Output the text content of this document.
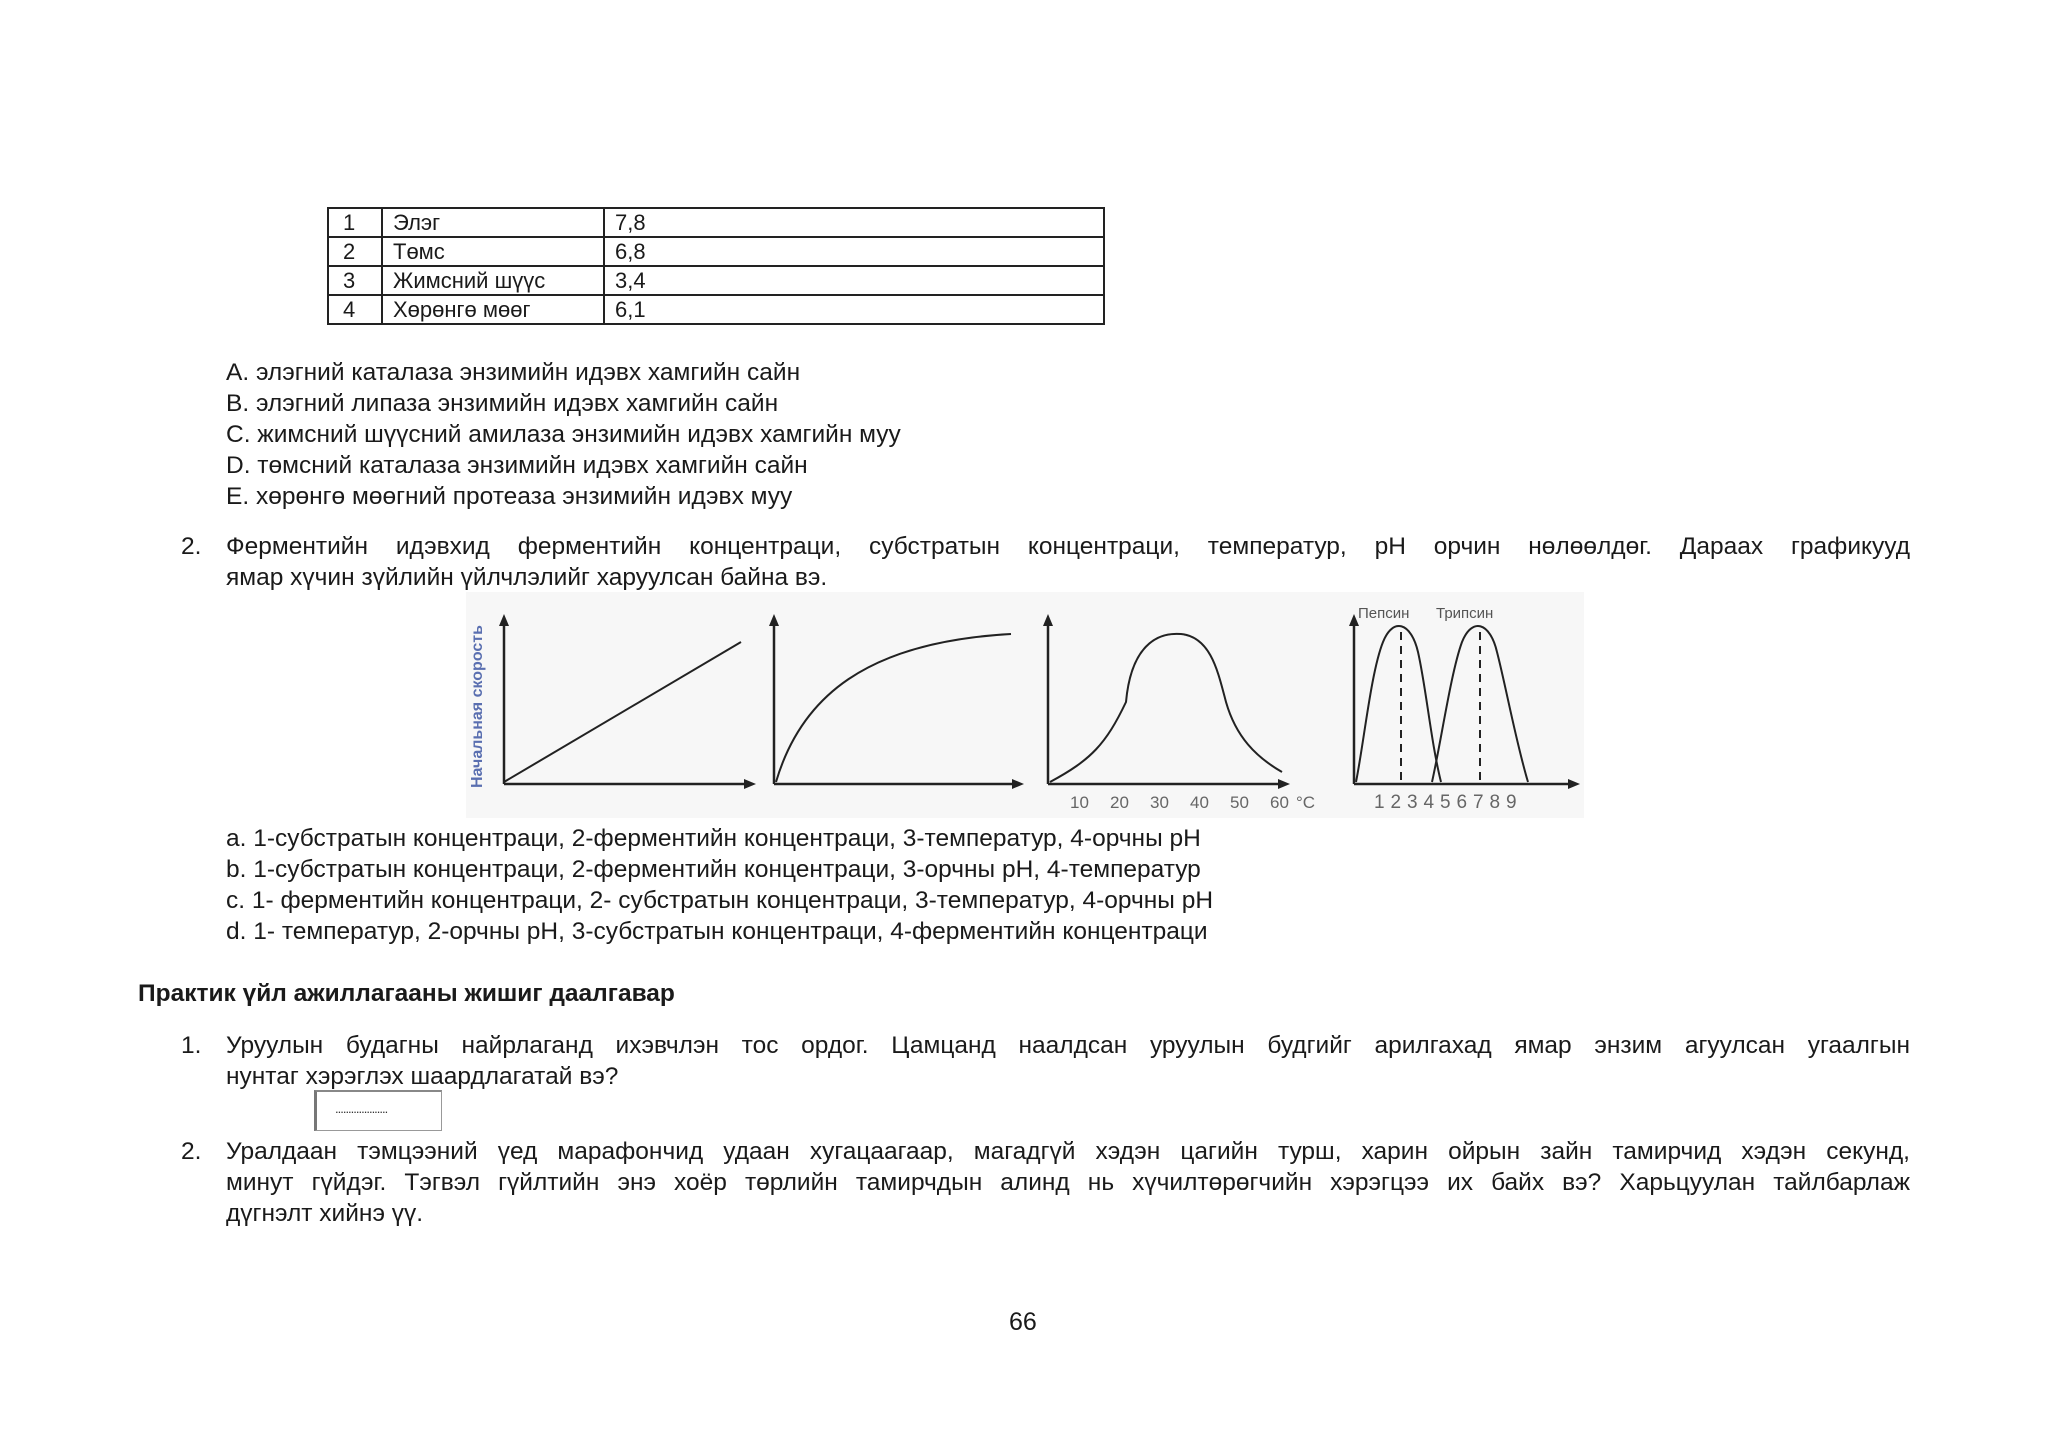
1	Элэг	7,8
2	Төмс	6,8
3	Жимсний шүүс	3,4
4	Хөрөнгө мөөг	6,1
A. элэгний каталаза энзимийн идэвх хамгийн сайн
B. элэгний липаза энзимийн идэвх хамгийн сайн
C. жимсний шүүсний амилаза энзимийн идэвх хамгийн муу
D. төмсний каталаза энзимийн идэвх хамгийн сайн
E. хөрөнгө мөөгний протеаза энзимийн идэвх муу
2. Ферментийн идэвхид ферментийн концентраци, субстратын концентраци, температур, pH орчин нөлөөлдөг. Дараах графикууд
ямар хүчин зүйлийн үйлчлэлийг харуулсан байна вэ.
Начальная скорость
10 20 30 40 50 60 °C
Пепсин Трипсин
1 2 3 4 5 6 7 8 9
a. 1-субстратын концентраци, 2-ферментийн концентраци, 3-температур, 4-орчны pH
b. 1-субстратын концентраци, 2-ферментийн концентраци, 3-орчны pH, 4-температур
c. 1- ферментийн концентраци, 2- субстратын концентраци, 3-температур, 4-орчны pH
d. 1- температур, 2-орчны pH, 3-субстратын концентраци, 4-ферментийн концентраци
Практик үйл ажиллагааны жишиг даалгавар
1. Уруулын будагны найрлаганд ихэвчлэн тос ордог. Цамцанд наалдсан уруулын будгийг арилгахад ямар энзим агуулсан угаалгын
нунтаг хэрэглэх шаардлагатай вэ?
....................
2. Уралдаан тэмцээний үед марафончид удаан хугацаагаар, магадгүй хэдэн цагийн турш, харин ойрын зайн тамирчид хэдэн секунд,
минут гүйдэг. Тэгвэл гүйлтийн энэ хоёр төрлийн тамирчдын алинд нь хүчилтөрөгчийн хэрэгцээ их байх вэ? Харьцуулан тайлбарлаж
дүгнэлт хийнэ үү.
66
